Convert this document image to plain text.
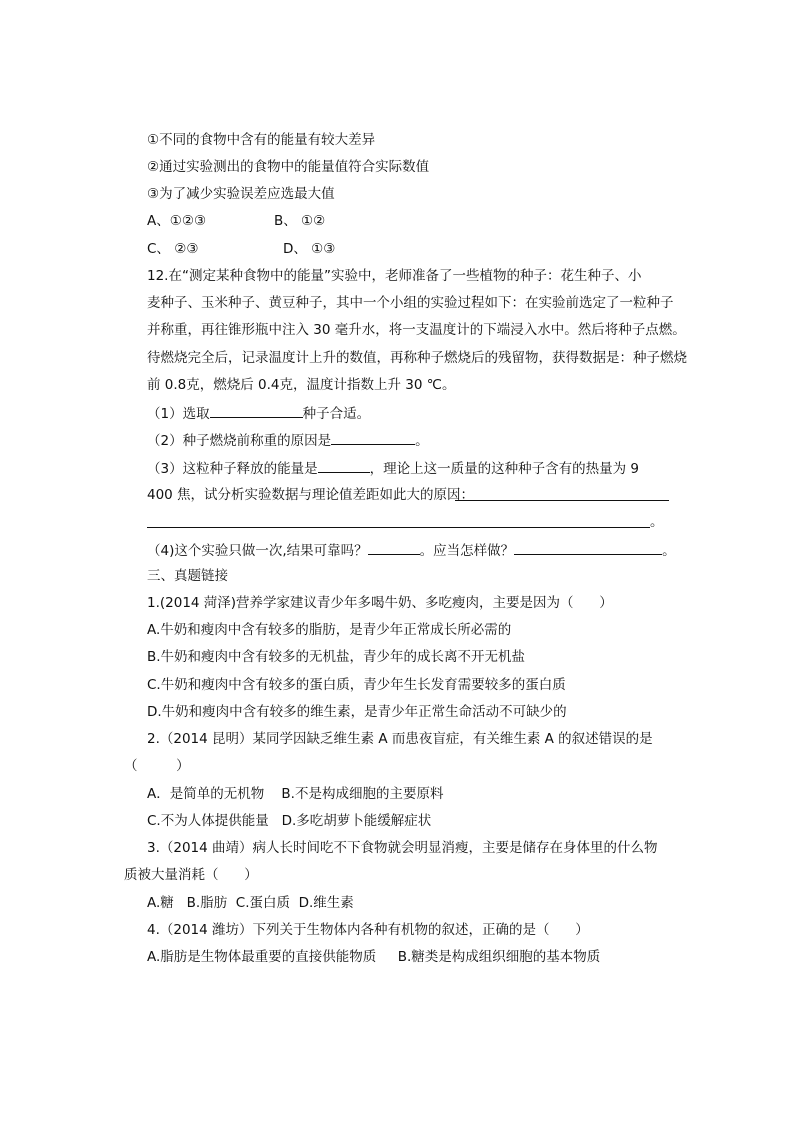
①不同的食物中含有的能量有较大差异
②通过实验测出的食物中的能量值符合实际数值
③为了减少实验误差应选最大值
A、①②③	B、 ①②
C、 ②③	D、 ①③
12.在“测定某种食物中的能量”实验中，老师准备了一些植物的种子：花生种子、小
麦种子、玉米种子、黄豆种子，其中一个小组的实验过程如下：在实验前选定了一粒种子
并称重，再往锥形瓶中注入 30 毫升水，将一支温度计的下端浸入水中。然后将种子点燃。
待燃烧完全后，记录温度计上升的数值，再称种子燃烧后的残留物，获得数据是：种子燃烧
前 0.8克，燃烧后 0.4克，温度计指数上升 30 ℃。
（1）选取	种子合适。
（2）种子燃烧前称重的原因是	。
（3）这粒种子释放的能量是	，理论上这一质量的这种种子含有的热量为 9
400 焦，试分析实验数据与理论值差距如此大的原因：
。
（4)这个实验只做一次,结果可靠吗？	。应当怎样做？	。
三、真题链接
1.(2014 菏泽)营养学家建议青少年多喝牛奶、多吃瘦肉，主要是因为（      ）
A.牛奶和瘦肉中含有较多的脂肪，是青少年正常成长所必需的
B.牛奶和瘦肉中含有较多的无机盐，青少年的成长离不开无机盐
C.牛奶和瘦肉中含有较多的蛋白质，青少年生长发育需要较多的蛋白质
D.牛奶和瘦肉中含有较多的维生素，是青少年正常生命活动不可缺少的
2.（2014 昆明）某同学因缺乏维生素 A 而患夜盲症，有关维生素 A 的叙述错误的是
（         ）
A．是简单的无机物    B.不是构成细胞的主要原料
C.不为人体提供能量   D.多吃胡萝卜能缓解症状
3.（2014 曲靖）病人长时间吃不下食物就会明显消瘦，主要是储存在身体里的什么物
质被大量消耗（      ）
A.糖   B.脂肪  C.蛋白质  D.维生素
4.（2014 潍坊）下列关于生物体内各种有机物的叙述，正确的是（      ）
A.脂肪是生物体最重要的直接供能物质     B.糖类是构成组织细胞的基本物质
